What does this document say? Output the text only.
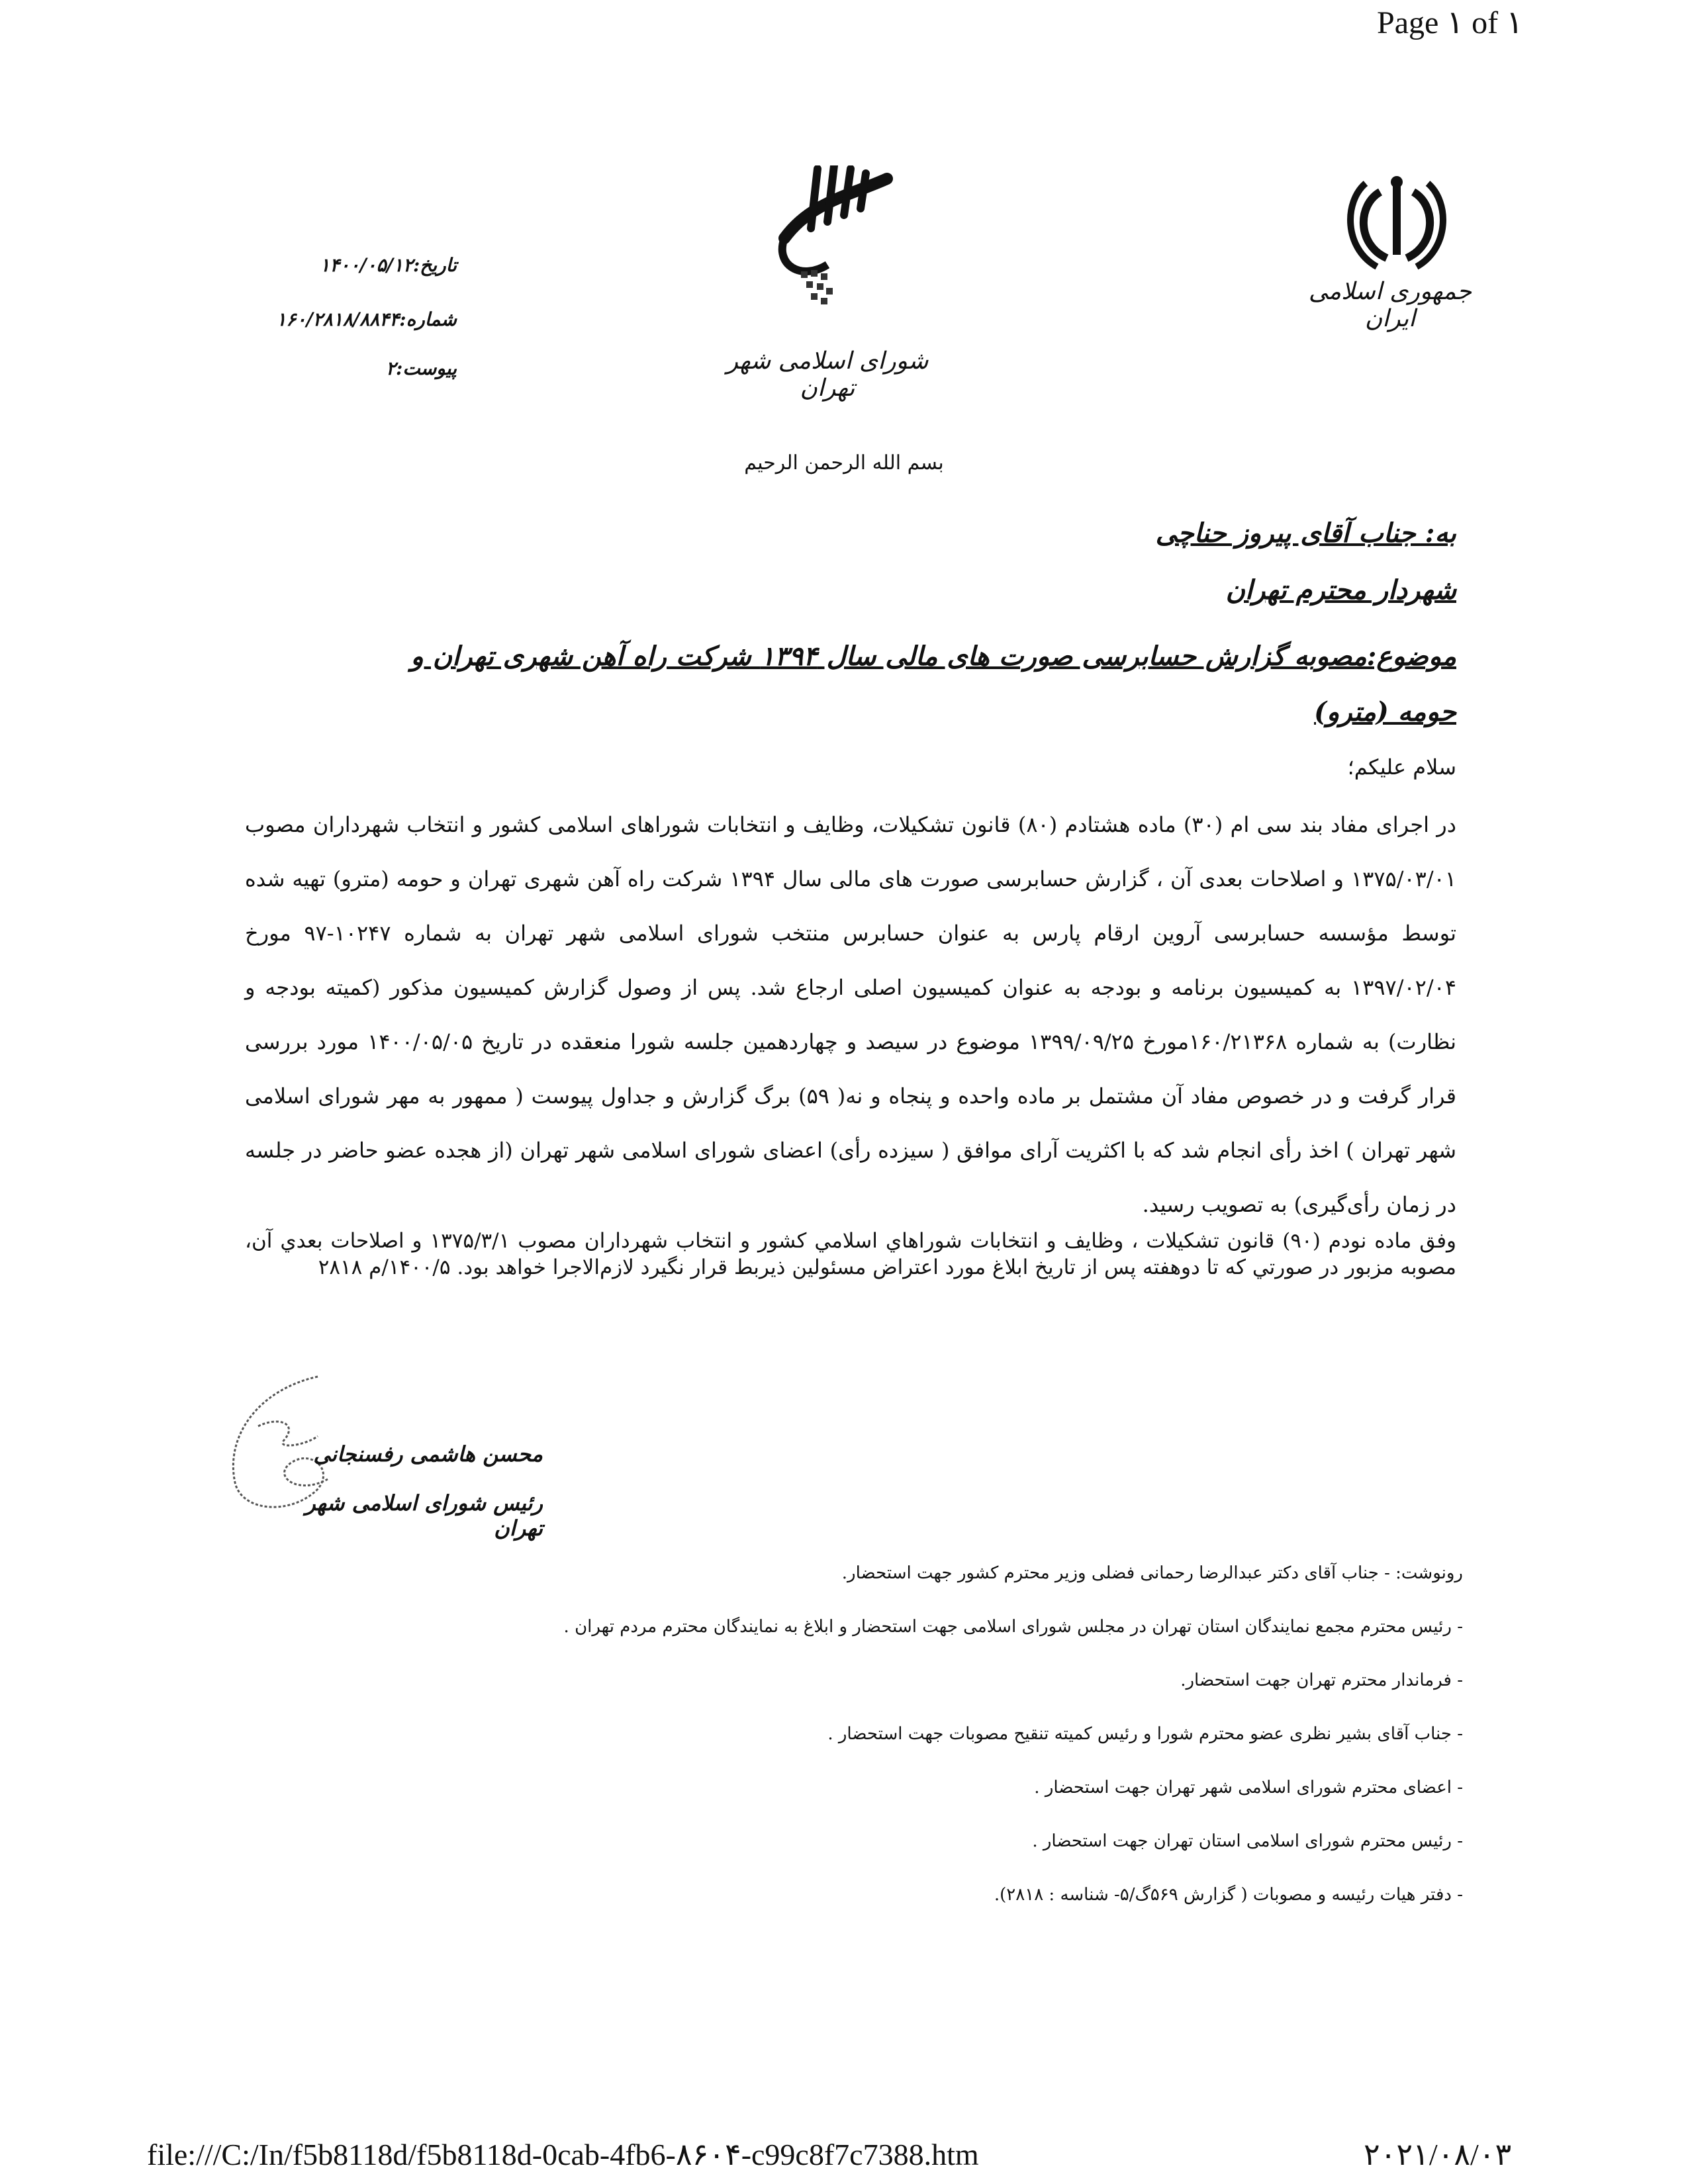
Page ۱ of ۱
جمهوری اسلامی ایران
شورای اسلامی شهر تهران
تاریخ:۱۴۰۰/۰۵/۱۲
شماره:۱۶۰/۲۸۱۸/۸۸۴۴
پیوست:۲
بسم الله الرحمن الرحیم
به: جناب آقای پیروز حناچی
شهردار محترم تهران
موضوع:مصوبه گزارش حسابرسی صورت های مالی سال ۱۳۹۴ شرکت راه آهن شهری تهران و حومه (مترو)
سلام علیکم؛
در اجرای مفاد بند سی ام (۳۰) ماده هشتادم (۸۰) قانون تشکیلات، وظایف و انتخابات شوراهای اسلامی کشور و انتخاب شهرداران مصوب ۱۳۷۵/۰۳/۰۱ و اصلاحات بعدی آن ، گزارش حسابرسی صورت های مالی سال ۱۳۹۴ شرکت راه آهن شهری تهران و حومه (مترو) تهیه شده توسط مؤسسه حسابرسی آروین ارقام پارس به عنوان حسابرس منتخب شورای اسلامی شهر تهران به شماره ۱۰۲۴۷-۹۷ مورخ ۱۳۹۷/۰۲/۰۴ به کمیسیون برنامه و بودجه به عنوان کمیسیون اصلی ارجاع شد. پس از وصول گزارش کمیسیون مذکور (کمیته بودجه و نظارت) به شماره ۱۶۰/۲۱۳۶۸مورخ ۱۳۹۹/۰۹/۲۵ موضوع در سیصد و چهاردهمین جلسه شورا منعقده در تاریخ ۱۴۰۰/۰۵/۰۵ مورد بررسی قرار گرفت و در خصوص مفاد آن مشتمل بر ماده واحده و پنجاه و نه( ۵۹) برگ گزارش و جداول پیوست ( ممهور به مهر شورای اسلامی شهر تهران ) اخذ رأی انجام شد که با اکثریت آرای موافق ( سیزده رأی) اعضای شورای اسلامی شهر تهران (از هجده عضو حاضر در جلسه در زمان رأی‌گیری) به تصویب رسید.
وفق ماده نودم (۹۰) قانون تشکیلات ، وظایف و انتخابات شوراهاي اسلامي كشور و انتخاب شهرداران مصوب ۱۳۷۵/۳/۱ و اصلاحات بعدي آن، مصوبه مزبور در صورتي كه تا دوهفته پس از تاريخ ابلاغ مورد اعتراض مسئولين ذيربط قرار نگيرد لازم‌الاجرا خواهد بود. ۱۴۰۰/۵/م ۲۸۱۸
محسن هاشمی رفسنجانی
رئیس شورای اسلامی شهر تهران
رونوشت: - جناب آقای دکتر عبدالرضا رحمانی فضلی وزیر محترم کشور جهت استحضار.
- رئیس محترم مجمع نمایندگان استان تهران در مجلس شورای اسلامی جهت استحضار و ابلاغ به نمایندگان محترم مردم تهران .
- فرماندار محترم تهران جهت استحضار.
- جناب آقای بشیر نظری عضو محترم شورا و رئیس کمیته تنقیح مصوبات جهت استحضار .
- اعضای محترم شورای اسلامی شهر تهران جهت استحضار .
- رئیس محترم شورای اسلامی استان تهران جهت استحضار .
- دفتر هیات رئیسه و مصوبات ( گزارش ۵۶۹گ/۵- شناسه : ۲۸۱۸).
file:///C:/In/f5b8118d/f5b8118d-0cab-4fb6-۸۶۰۴-c99c8f7c7388.htm	۲۰۲۱/۰۸/۰۳
